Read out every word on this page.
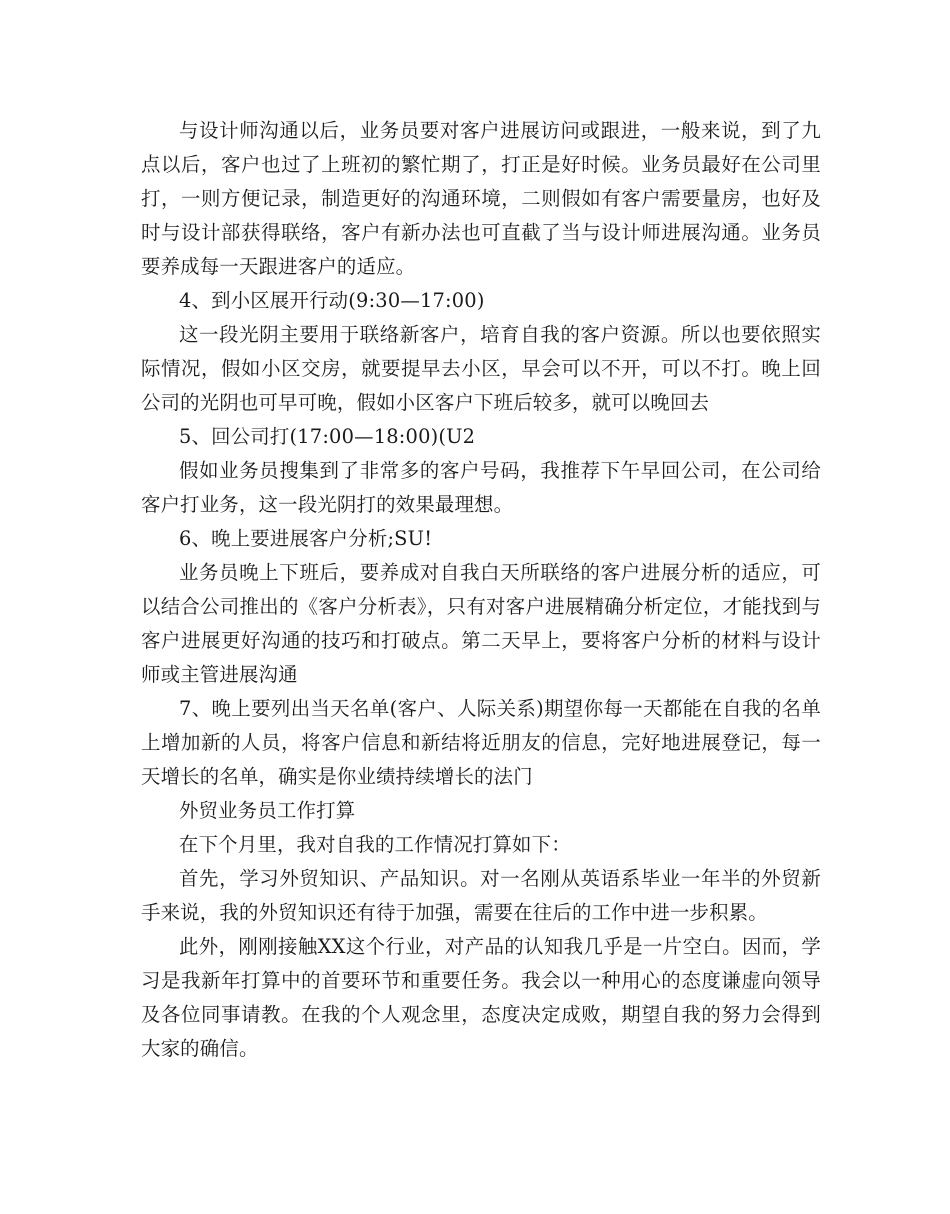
与设计师沟通以后，业务员要对客户进展访问或跟进，一般来说，到了九点以后，客户也过了上班初的繁忙期了，打正是好时候。业务员最好在公司里打，一则方便记录，制造更好的沟通环境，二则假如有客户需要量房，也好及时与设计部获得联络，客户有新办法也可直截了当与设计师进展沟通。业务员要养成每一天跟进客户的适应。

4、到小区展开行动(9:30—17:00)

这一段光阴主要用于联络新客户，培育自我的客户资源。所以也要依照实际情况，假如小区交房，就要提早去小区，早会可以不开，可以不打。晚上回公司的光阴也可早可晚，假如小区客户下班后较多，就可以晚回去

5、回公司打(17:00—18:00)(U2

假如业务员搜集到了非常多的客户号码，我推荐下午早回公司，在公司给客户打业务，这一段光阴打的效果最理想。

6、晚上要进展客户分析;SU!

业务员晚上下班后，要养成对自我白天所联络的客户进展分析的适应，可以结合公司推出的《客户分析表》，只有对客户进展精确分析定位，才能找到与客户进展更好沟通的技巧和打破点。第二天早上，要将客户分析的材料与设计师或主管进展沟通

7、晚上要列出当天名单(客户、人际关系)期望你每一天都能在自我的名单上增加新的人员，将客户信息和新结将近朋友的信息，完好地进展登记，每一天增长的名单，确实是你业绩持续增长的法门

外贸业务员工作打算

在下个月里，我对自我的工作情况打算如下：

首先，学习外贸知识、产品知识。对一名刚从英语系毕业一年半的外贸新手来说，我的外贸知识还有待于加强，需要在往后的工作中进一步积累。

此外，刚刚接触XX这个行业，对产品的认知我几乎是一片空白。因而，学习是我新年打算中的首要环节和重要任务。我会以一种用心的态度谦虚向领导及各位同事请教。在我的个人观念里，态度决定成败，期望自我的努力会得到大家的确信。
